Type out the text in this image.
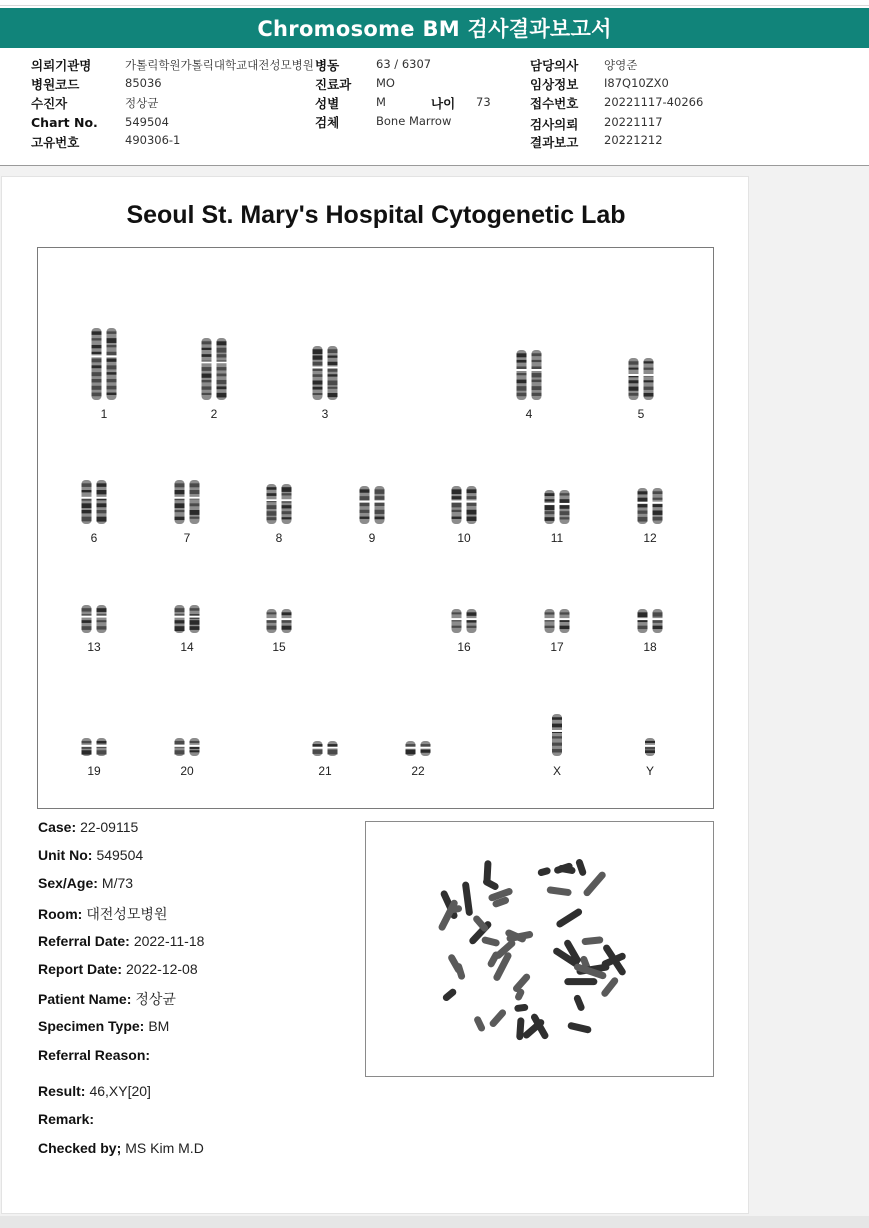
Chromosome BM 검사결과보고서
의뢰기관명	가톨릭학원가톨릭대학교대전성모병원 병동	63 / 6307	담당의사 양영준
병원코드	85036	진료과 MO	임상정보 I87Q10ZX0
수진자	정상균	성별	M	나이 73	접수번호 20221117-40266
Chart No. 549504	검체	Bone Marrow	검사의뢰 20221117
고유번호	490306-1	결과보고 20221212
Seoul St. Mary's Hospital Cytogenetic Lab
1	2	3	4	5
6	7	8	9	10	11	12
13	14	15	16	17	18
19	20	21	22	X	Y
Case: 22-09115
Unit No: 549504
Sex/Age: M/73
Room: 대전성모병원
Referral Date: 2022-11-18
Report Date: 2022-12-08
Patient Name: 정상균
Specimen Type: BM
Referral Reason:
Result: 46,XY[20]
Remark:
Checked by; MS Kim M.D
